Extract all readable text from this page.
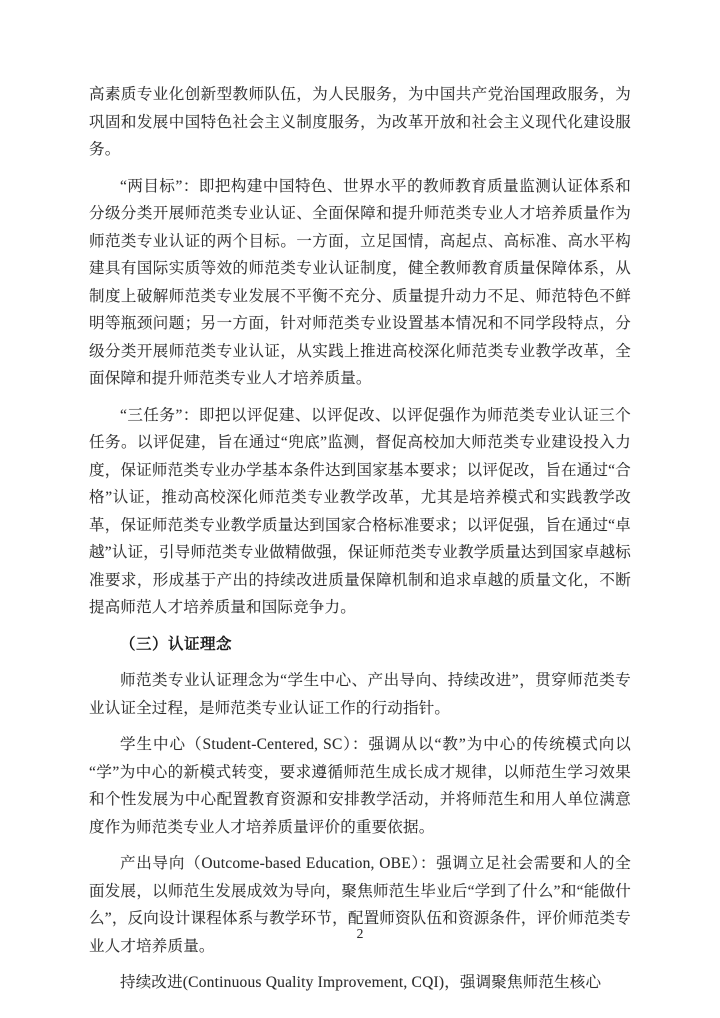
高素质专业化创新型教师队伍，为人民服务，为中国共产党治国理政服务，为巩固和发展中国特色社会主义制度服务，为改革开放和社会主义现代化建设服务。

“两目标”：即把构建中国特色、世界水平的教师教育质量监测认证体系和分级分类开展师范类专业认证、全面保障和提升师范类专业人才培养质量作为师范类专业认证的两个目标。一方面，立足国情，高起点、高标准、高水平构建具有国际实质等效的师范类专业认证制度，健全教师教育质量保障体系，从制度上破解师范类专业发展不平衡不充分、质量提升动力不足、师范特色不鲜明等瓶颈问题；另一方面，针对师范类专业设置基本情况和不同学段特点，分级分类开展师范类专业认证，从实践上推进高校深化师范类专业教学改革，全面保障和提升师范类专业人才培养质量。

“三任务”：即把以评促建、以评促改、以评促强作为师范类专业认证三个任务。以评促建，旨在通过“兜底”监测，督促高校加大师范类专业建设投入力度，保证师范类专业办学基本条件达到国家基本要求；以评促改，旨在通过“合格”认证，推动高校深化师范类专业教学改革，尤其是培养模式和实践教学改革，保证师范类专业教学质量达到国家合格标准要求；以评促强，旨在通过“卓越”认证，引导师范类专业做精做强，保证师范类专业教学质量达到国家卓越标准要求，形成基于产出的持续改进质量保障机制和追求卓越的质量文化，不断提高师范人才培养质量和国际竞争力。

（三）认证理念

师范类专业认证理念为“学生中心、产出导向、持续改进”，贯穿师范类专业认证全过程，是师范类专业认证工作的行动指针。

学生中心（Student-Centered, SC）：强调从以“教”为中心的传统模式向以“学”为中心的新模式转变，要求遵循师范生成长成才规律，以师范生学习效果和个性发展为中心配置教育资源和安排教学活动，并将师范生和用人单位满意度作为师范类专业人才培养质量评价的重要依据。

产出导向（Outcome-based Education, OBE）：强调立足社会需要和人的全面发展，以师范生发展成效为导向，聚焦师范生毕业后“学到了什么”和“能做什么”，反向设计课程体系与教学环节，配置师资队伍和资源条件，评价师范类专业人才培养质量。

持续改进(Continuous Quality Improvement, CQI)，强调聚焦师范生核心

2
